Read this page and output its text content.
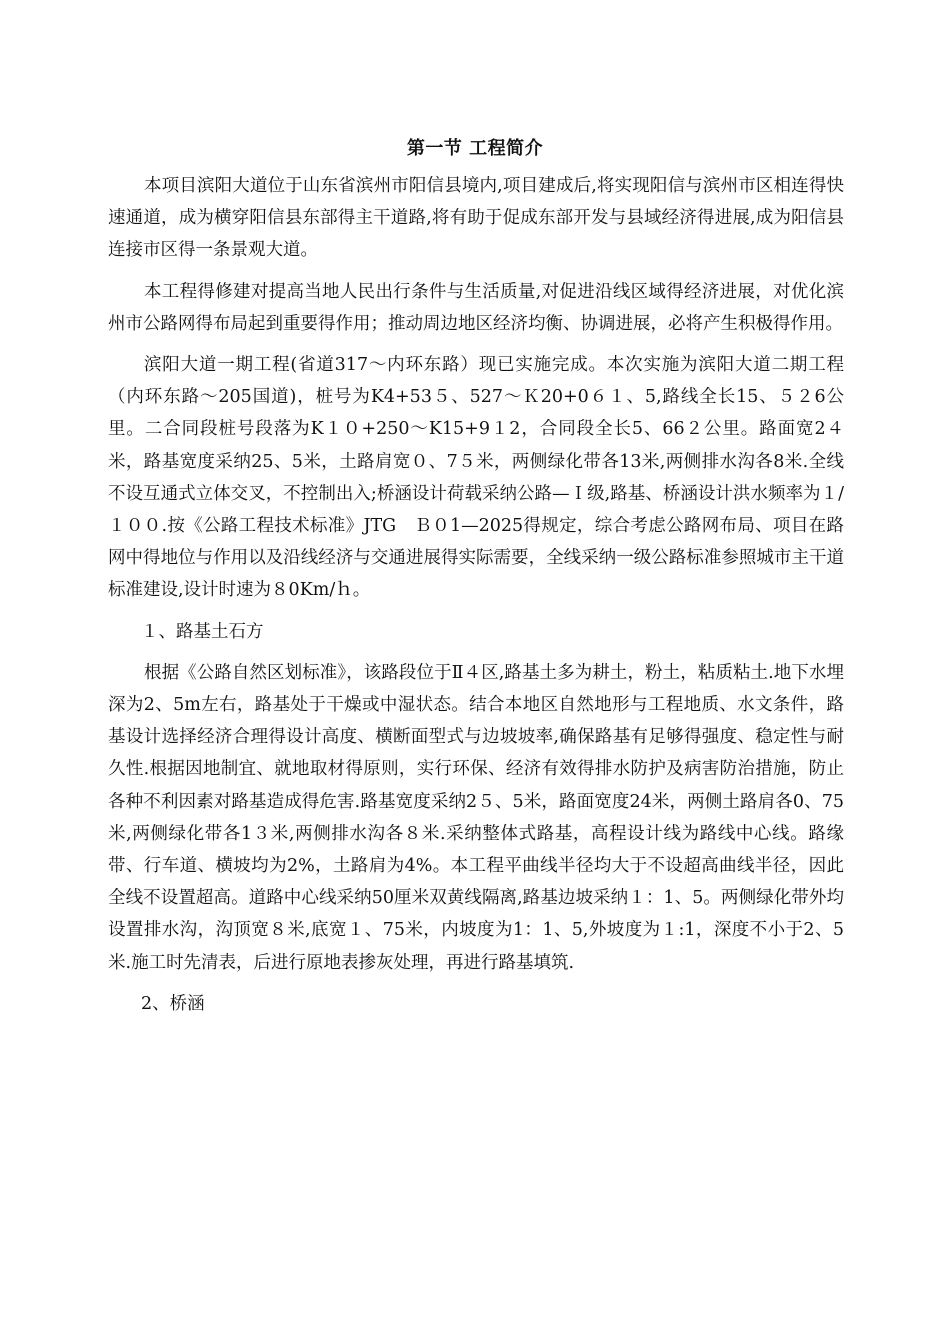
第一节 工程简介

本项目滨阳大道位于山东省滨州市阳信县境内,项目建成后,将实现阳信与滨州市区相连得快速通道，成为横穿阳信县东部得主干道路,将有助于促成东部开发与县域经济得进展,成为阳信县连接市区得一条景观大道。

本工程得修建对提高当地人民出行条件与生活质量,对促进沿线区域得经济进展，对优化滨州市公路网得布局起到重要得作用；推动周边地区经济均衡、协调进展，必将产生积极得作用。

滨阳大道一期工程(省道317～内环东路）现已实施完成。本次实施为滨阳大道二期工程（内环东路～205国道)，桩号为K4+53５、527～Ｋ20+0６１、5,路线全长15、５２6公里。二合同段桩号段落为K１０+250～K15+9１2，合同段全长5、66２公里。路面宽2４米，路基宽度采纳25、5米，土路肩宽０、7５米，两侧绿化带各13米,两侧排水沟各8米.全线不设互通式立体交叉，不控制出入;桥涵设计荷载采纳公路—Ｉ级,路基、桥涵设计洪水频率为１/１００.按《公路工程技术标准》JTG　Ｂ０1—2025得规定，综合考虑公路网布局、项目在路网中得地位与作用以及沿线经济与交通进展得实际需要，全线采纳一级公路标准参照城市主干道标准建设,设计时速为８0Km/ｈ。

１、路基土石方

根据《公路自然区划标准》，该路段位于Ⅱ４区,路基土多为耕土，粉土，粘质粘土.地下水埋深为2、5m左右，路基处于干燥或中湿状态。结合本地区自然地形与工程地质、水文条件，路基设计选择经济合理得设计高度、横断面型式与边坡坡率,确保路基有足够得强度、稳定性与耐久性.根据因地制宜、就地取材得原则，实行环保、经济有效得排水防护及病害防治措施，防止各种不利因素对路基造成得危害.路基宽度采纳2５、5米，路面宽度24米，两侧土路肩各0、75米,两侧绿化带各1３米,两侧排水沟各８米.采纳整体式路基，高程设计线为路线中心线。路缘带、行车道、横坡均为2%，土路肩为4%。本工程平曲线半径均大于不设超高曲线半径，因此全线不设置超高。道路中心线采纳50厘米双黄线隔离,路基边坡采纳１：1、5。两侧绿化带外均设置排水沟，沟顶宽８米,底宽１、75米，内坡度为1：1、5,外坡度为１:1，深度不小于2、5米.施工时先清表，后进行原地表掺灰处理，再进行路基填筑.

2、桥涵
